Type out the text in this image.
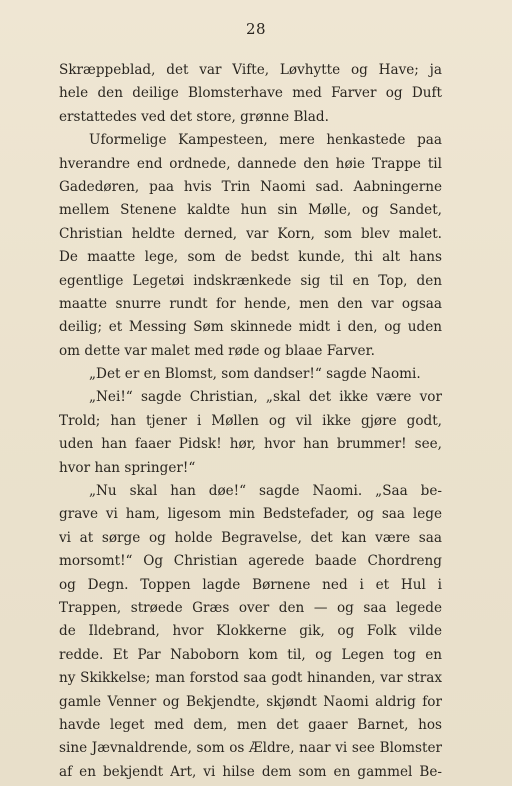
28
Skræppeblad, det var Vifte, Løvhytte og Have; ja
hele den deilige Blomsterhave med Farver og Duft
erstattedes ved det store, grønne Blad.
Uformelige Kampesteen, mere henkastede paa
hverandre end ordnede, dannede den høie Trappe til
Gadedøren, paa hvis Trin Naomi sad. Aabningerne
mellem Stenene kaldte hun sin Mølle, og Sandet,
Christian heldte derned, var Korn, som blev malet.
De maatte lege, som de bedst kunde, thi alt hans
egentlige Legetøi indskrænkede sig til en Top, den
maatte snurre rundt for hende, men den var ogsaa
deilig; et Messing Søm skinnede midt i den, og uden
om dette var malet med røde og blaae Farver.
„Det er en Blomst, som dandser!“ sagde Naomi.
„Nei!“ sagde Christian, „skal det ikke være vor
Trold; han tjener i Møllen og vil ikke gjøre godt,
uden han faaer Pidsk! hør, hvor han brummer! see,
hvor han springer!“
„Nu skal han døe!“ sagde Naomi. „Saa be-
grave vi ham, ligesom min Bedstefader, og saa lege
vi at sørge og holde Begravelse, det kan være saa
morsomt!“ Og Christian agerede baade Chordreng
og Degn. Toppen lagde Børnene ned i et Hul i
Trappen, strøede Græs over den — og saa legede
de Ildebrand, hvor Klokkerne gik, og Folk vilde
redde. Et Par Naboborn kom til, og Legen tog en
ny Skikkelse; man forstod saa godt hinanden, var strax
gamle Venner og Bekjendte, skjøndt Naomi aldrig for
havde leget med dem, men det gaaer Barnet, hos
sine Jævnaldrende, som os Ældre, naar vi see Blomster
af en bekjendt Art, vi hilse dem som en gammel Be-
